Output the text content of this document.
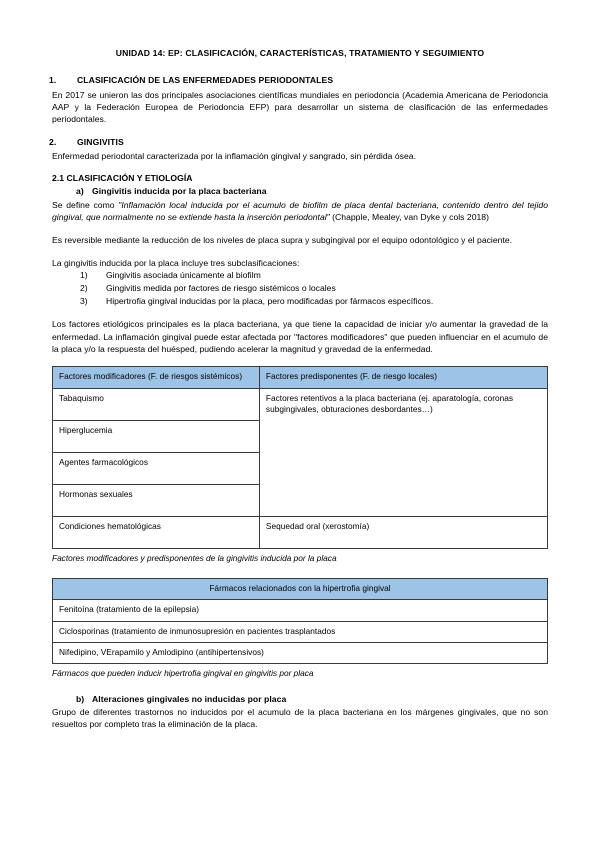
UNIDAD 14: EP: CLASIFICACIÓN, CARACTERÍSTICAS, TRATAMIENTO Y SEGUIMIENTO
1. CLASIFICACIÓN DE LAS ENFERMEDADES PERIODONTALES

En 2017 se unieron las dos principales asociaciones científicas mundiales en periodoncia (Academia Americana de Periodoncia AAP y la Federación Europea de Periodoncia EFP) para desarrollar un sistema de clasificación de las enfermedades periodontales.

2. GINGIVITIS

Enfermedad periodontal caracterizada por la inflamación gingival y sangrado, sin pérdida ósea.

2.1 CLASIFICACIÓN Y ETIOLOGÍA
a) Gingivitis inducida por la placa bacteriana

Se define como "Inflamación local inducida por el acumulo de biofilm de placa dental bacteriana, contenido dentro del tejido gingival, que normalmente no se extiende hasta la inserción periodontal" (Chapple, Mealey, van Dyke y cols 2018)

Es reversible mediante la reducción de los niveles de placa supra y subgingival por el equipo odontológico y el paciente.

La gingivitis inducida por la placa incluye tres subclasificaciones:

1)	Gingivitis asociada únicamente al biofilm
2)	Gingivitis medida por factores de riesgo sistémicos o locales
3)	Hipertrofia gingival inducidas por la placa, pero modificadas por fármacos específicos.

Los factores etiológicos principales es la placa bacteriana, ya que tiene la capacidad de iniciar y/o aumentar la gravedad de la enfermedad. La inflamación gingival puede estar afectada por "factores modificadores" que pueden influenciar en el acumulo de la placa y/o la respuesta del huésped, pudiendo acelerar la magnitud y gravedad de la enfermedad.

Factores modificadores (F. de riesgos sistémicos)	Factores predisponentes (F. de riesgo locales)
Tabaquismo	Factores retentivos a la placa bacteriana (ej. aparatología, coronas subgingivales, obturaciones desbordantes…)
Hiperglucemia	
Agentes farmacológicos	
Hormonas sexuales	
Condiciones hematológicas	Sequedad oral (xerostomía)
Factores modificadores y predisponentes de la gingivitis inducida por la placa
Fármacos relacionados con la hipertrofia gingival
Fenitoína (tratamiento de la epilepsia)
Ciclosporinas (tratamiento de inmunosupresión en pacientes trasplantados
Nifedipino, VErapamilo y Amlodipino (antihipertensivos)
Fármacos que pueden inducir hipertrofia gingival en gingivitis por placa
b) Alteraciones gingivales no inducidas por placa

Grupo de diferentes trastornos no inducidos por el acumulo de la placa bacteriana en los márgenes gingivales, que no son resueltos por completo tras la eliminación de la placa.
